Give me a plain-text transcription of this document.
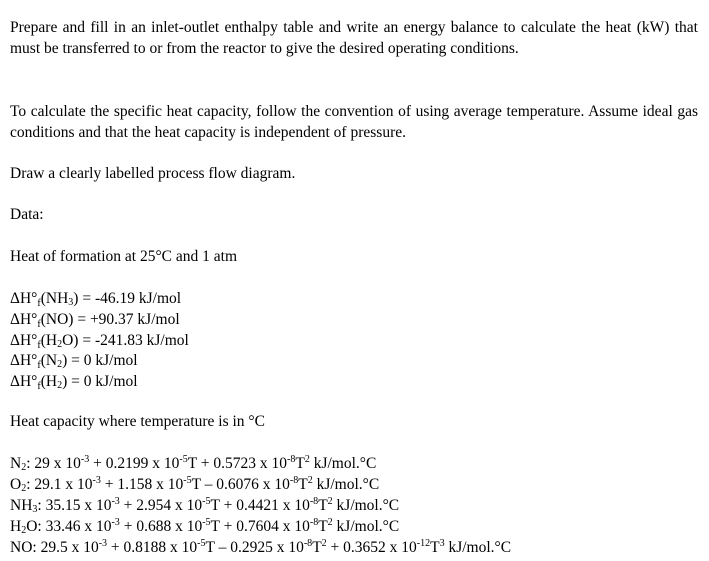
Prepare and fill in an inlet-outlet enthalpy table and write an energy balance to calculate the heat (kW) that must be transferred to or from the reactor to give the desired operating conditions.

To calculate the specific heat capacity, follow the convention of using average temperature. Assume ideal gas conditions and that the heat capacity is independent of pressure.

Draw a clearly labelled process flow diagram.

Data:

Heat of formation at 25°C and 1 atm

$\Delta H^\circ f(NH_3) = -46.19$ kJ/mol
ΔH°f(NO) = +90.37 kJ/mol
$\Delta H^\circ f(H_2O) = -241.83$ kJ/mol
$\Delta H^\circ f(N_2) = 0$ kJ/mol
$\Delta H^\circ f(H_2) = 0$ kJ/mol

Heat capacity where temperature is in °C

$N_2$: 29 x $10^{-3} + 0.2199$ x $10^{-5}T + 0.5723$ x $10^{-8}T^2$ kJ/mol.°C
$O_2$: 29.1 x $10^{-3} + 1.158$ x $10^{-5}T - 0.6076$ x $10^{-8}T^2$ kJ/mol.°C
$NH_3$: 35.15 x $10^{-3} + 2.954$ x $10^{-5}T + 0.4421$ x $10^{-8}T^2$ kJ/mol.°C
$H_2O$: 33.46 x $10^{-3} + 0.688$ x $10^{-5}T + 0.7604$ x $10^{-8}T^2$ kJ/mol.°C
NO: 29.5 x $10^{-3} + 0.8188$ x $10^{-5}T - 0.2925$ x $10^{-8}T^2 + 0.3652$ x $10^{-12}T^3$ kJ/mol.°C
